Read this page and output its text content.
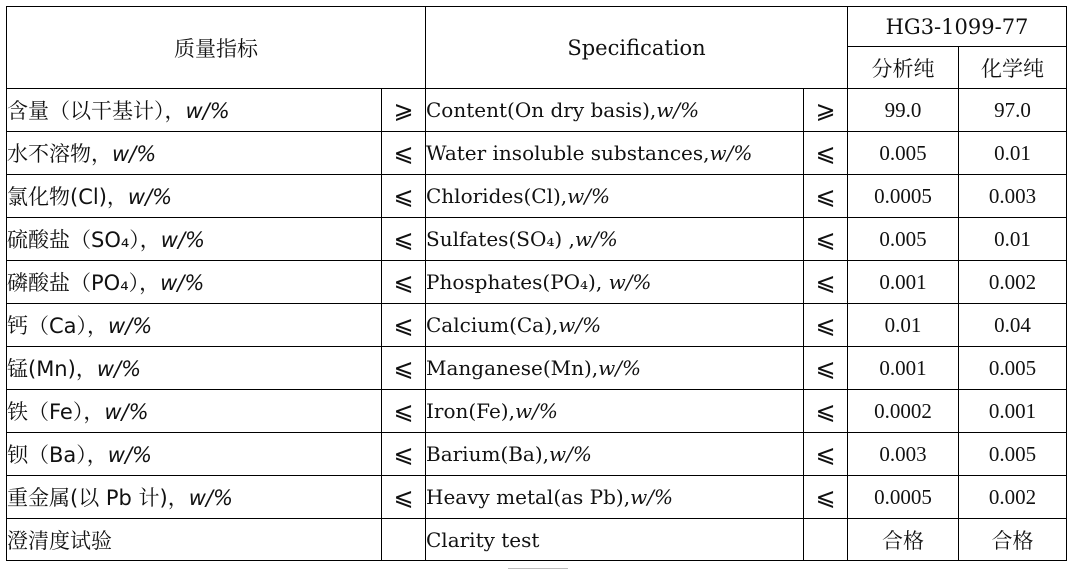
质量指标		Specification		HG3-1099-77	
				分析纯	化学纯
含量（以干基计），w/%	⩾	Content(On dry basis),w/%	⩾	99.0	97.0
水不溶物，w/%	⩽	Water insoluble substances,w/%	⩽	0.005	0.01
氯化物(Cl)，w/%	⩽	Chlorides(Cl),w/%	⩽	0.0005	0.003
硫酸盐（SO₄），w/%	⩽	Sulfates(SO₄) ,w/%	⩽	0.005	0.01
磷酸盐（PO₄），w/%	⩽	Phosphates(PO₄), w/%	⩽	0.001	0.002
钙（Ca），w/%	⩽	Calcium(Ca),w/%	⩽	0.01	0.04
锰(Mn)，w/%	⩽	Manganese(Mn),w/%	⩽	0.001	0.005
铁（Fe），w/%	⩽	Iron(Fe),w/%	⩽	0.0002	0.001
钡（Ba），w/%	⩽	Barium(Ba),w/%	⩽	0.003	0.005
重金属(以 Pb 计)，w/%	⩽	Heavy metal(as Pb),w/%	⩽	0.0005	0.002
澄清度试验		Clarity test		合格	合格
